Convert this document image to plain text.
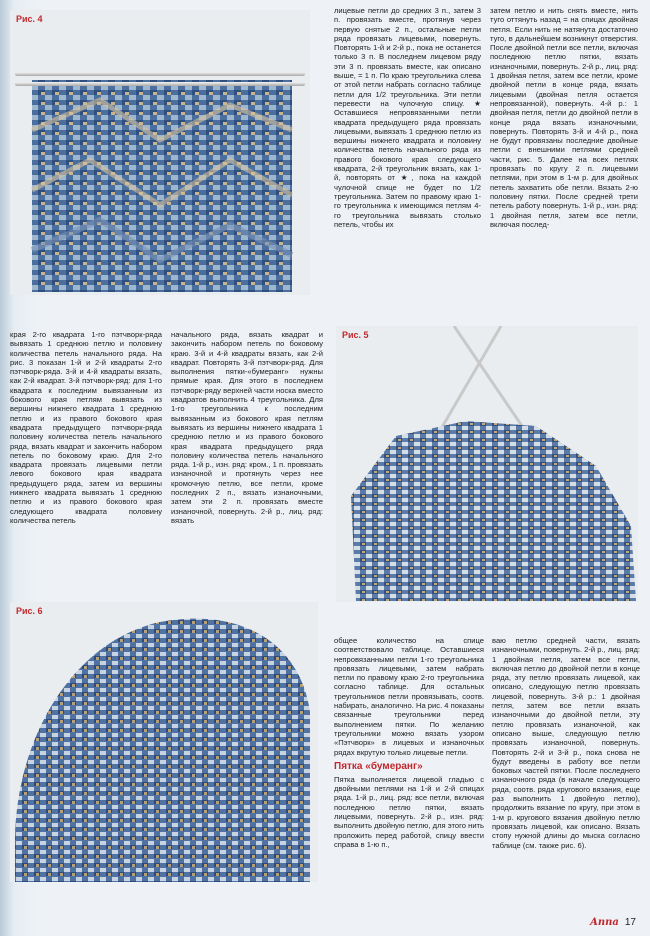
Рис. 4

лицевые петли до средних 3 п., затем 3 п. провязать вместе, протянув через первую снятые 2 п., остальные петли ряда провязать лицевыми, повернуть. Повторять 1-й и 2-й р., пока не останется только 3 п. В последнем лицевом ряду эти 3 п. провязать вместе, как описано выше, = 1 п. По краю треугольника слева от этой петли набрать согласно таблице петли для 1/2 треугольника. Эти петли перевести на чулочную спицу. ★ Оставшиеся непровязанными петли квадрата предыдущего ряда провязать лицевыми, вывязать 1 среднюю петлю из вершины нижнего квадрата и половину количества петель начального ряда из правого бокового края следующего квадрата, 2-й треугольник вязать, как 1-й, повторять от ★, пока на каждой чулочной спице не будет по 1/2 треугольника. Затем по правому краю 1-го треугольника к имеющимся петлям 4-го треугольника вывязать столько петель, чтобы их

затем петлю и нить снять вместе, нить туго оттянуть назад = на спицах двойная петля. Если нить не натянута достаточно туго, в дальнейшем возникнут отверстия. После двойной петли все петли, включая последнюю петлю пятки, вязать изнаночными, повернуть. 2-й р., лиц. ряд: 1 двойная петля, затем все петли, кроме двойной петли в конце ряда, вязать лицевыми (двойная петля остается непровязанной), повернуть. 4-й р.: 1 двойная петля, петли до двойной петли в конце ряда вязать изнаночными, повернуть. Повторять 3-й и 4-й р., пока не будут провязаны последние двойные петли с внешними петлями средней части, рис. 5. Далее на всех петлях провязать по кругу 2 п. лицевыми петлями, при этом в 1-м р. для двойных петель захватить обе петли. Вязать 2-ю половину пятки. После средней трети петель работу повернуть. 1-й р., изн. ряд: 1 двойная петля, затем все петли, включая послед-

края 2-го квадрата 1-го пэтчворк-ряда вывязать 1 среднюю петлю и половину количества петель начального ряда. На рис. 3 показан 1-й и 2-й квадраты 2-го пэтчворк-ряда. 3-й и 4-й квадраты вязать, как 2-й квадрат. 3-й пэтчворк-ряд: для 1-го квадрата к последним вывязанным из бокового края петлям вывязать из вершины нижнего квадрата 1 среднюю петлю и из правого бокового края квадрата предыдущего пэтчворк-ряда половину количества петель начального ряда, вязать квадрат и закончить набором петель по боковому краю. Для 2-го квадрата провязать лицевыми петли левого бокового края квадрата предыдущего ряда, затем из вершины нижнего квадрата вывязать 1 среднюю петлю и из правого бокового края следующего квадрата половину количества петель

начального ряда, вязать квадрат и закончить набором петель по боковому краю. 3-й и 4-й квадраты вязать, как 2-й квадрат. Повторять 3-й пэтчворк-ряд. Для выполнения пятки-«бумеранг» нужны прямые края. Для этого в последнем пэтчворк-ряду верхней части носка вместо квадратов выполнить 4 треугольника. Для 1-го треугольника к последним вывязанным из бокового края петлям вывязать из вершины нижнего квадрата 1 среднюю петлю и из правого бокового края квадрата предыдущего ряда половину количества петель начального ряда. 1-й р., изн. ряд: кром., 1 п. провязать изнаночной и протянуть через нее кромочную петлю, все петли, кроме последних 2 п., вязать изнаночными, затем эти 2 п. провязать вместе изнаночной, повернуть. 2-й р., лиц. ряд: вязать

Рис. 5
Рис. 6

общее количество на спице соответствовало таблице. Оставшиеся непровязанными петли 1-го треугольника провязать лицевыми, затем набрать петли по правому краю 2-го треугольника согласно таблице. Для остальных треугольников петли провязывать, соотв. набирать, аналогично. На рис. 4 показаны связанные треугольники перед выполнением пятки. По желанию треугольники можно вязать узором «Пэтчворк» в лицевых и изнаночных рядах вкрутую только лицевые петли.

Пятка «бумеранг»

Пятка выполняется лицевой гладью с двойными петлями на 1-й и 2-й спицах ряда. 1-й р., лиц. ряд: все петли, включая последнюю петлю пятки, вязать лицевыми, повернуть. 2-й р., изн. ряд: выполнить двойную петлю, для этого нить проложить перед работой, спицу ввести справа в 1-ю п.,

ваю петлю средней части, вязать изнаночными, повернуть. 2-й р., лиц. ряд: 1 двойная петля, затем все петли, включая петлю до двойной петли в конце ряда, эту петлю провязать лицевой, как описано, следующую петлю провязать лицевой, повернуть. 3-й р.: 1 двойная петля, затем все петли вязать изнаночными до двойной петли, эту петлю провязать изнаночной, как описано выше, следующую петлю провязать изнаночной, повернуть. Повторять 2-й и 3-й р., пока снова не будут введены в работу все петли боковых частей пятки. После последнего изнаночного ряда (в начале следующего ряда, соотв. ряда кругового вязания, еще раз выполнить 1 двойную петлю), продолжить вязание по кругу, при этом в 1-м р. кругового вязания двойную петлю провязать лицевой, как описано. Вязать стопу нужной длины до мыска согласно таблице (см. также рис. 6).

Anna 17
